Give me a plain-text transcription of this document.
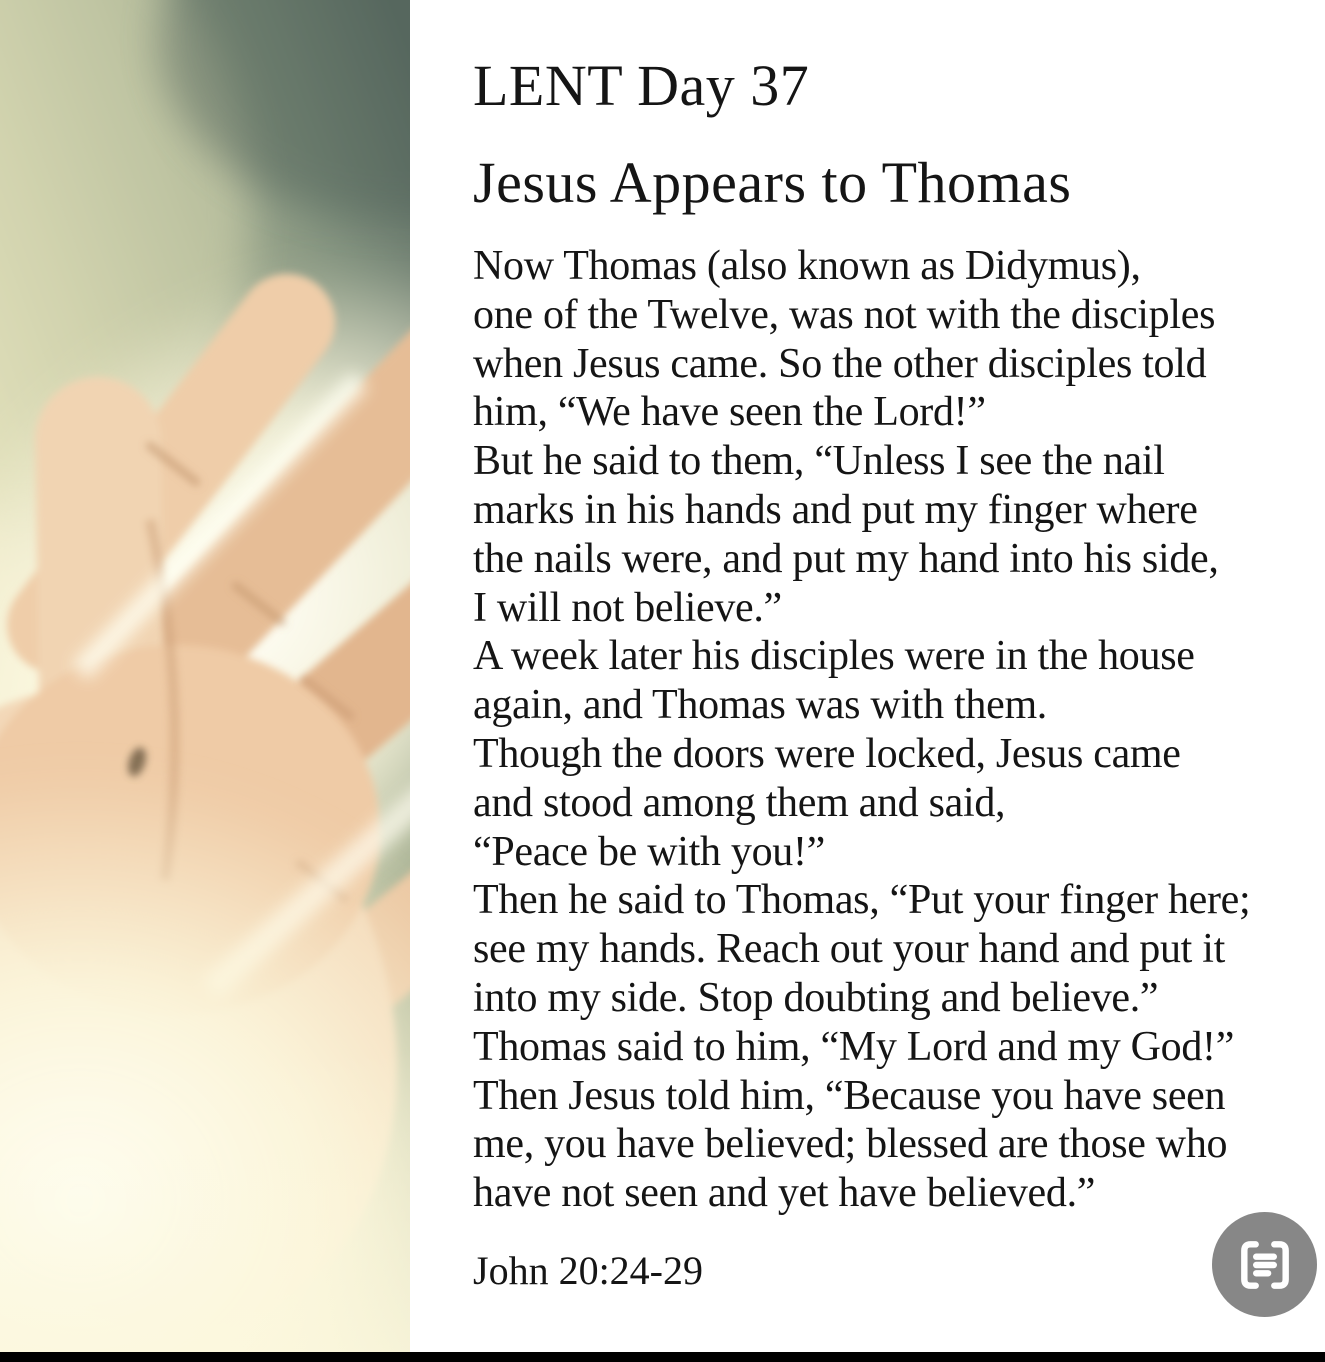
LENT Day 37
Jesus Appears to Thomas
Now Thomas (also known as Didymus),
one of the Twelve, was not with the disciples
when Jesus came. So the other disciples told
him, “We have seen the Lord!”
But he said to them, “Unless I see the nail
marks in his hands and put my finger where
the nails were, and put my hand into his side,
I will not believe.”
A week later his disciples were in the house
again, and Thomas was with them.
Though the doors were locked, Jesus came
and stood among them and said,
“Peace be with you!”
Then he said to Thomas, “Put your finger here;
see my hands. Reach out your hand and put it
into my side. Stop doubting and believe.”
Thomas said to him, “My Lord and my God!”
Then Jesus told him, “Because you have seen
me, you have believed; blessed are those who
have not seen and yet have believed.”
John 20:24-29
